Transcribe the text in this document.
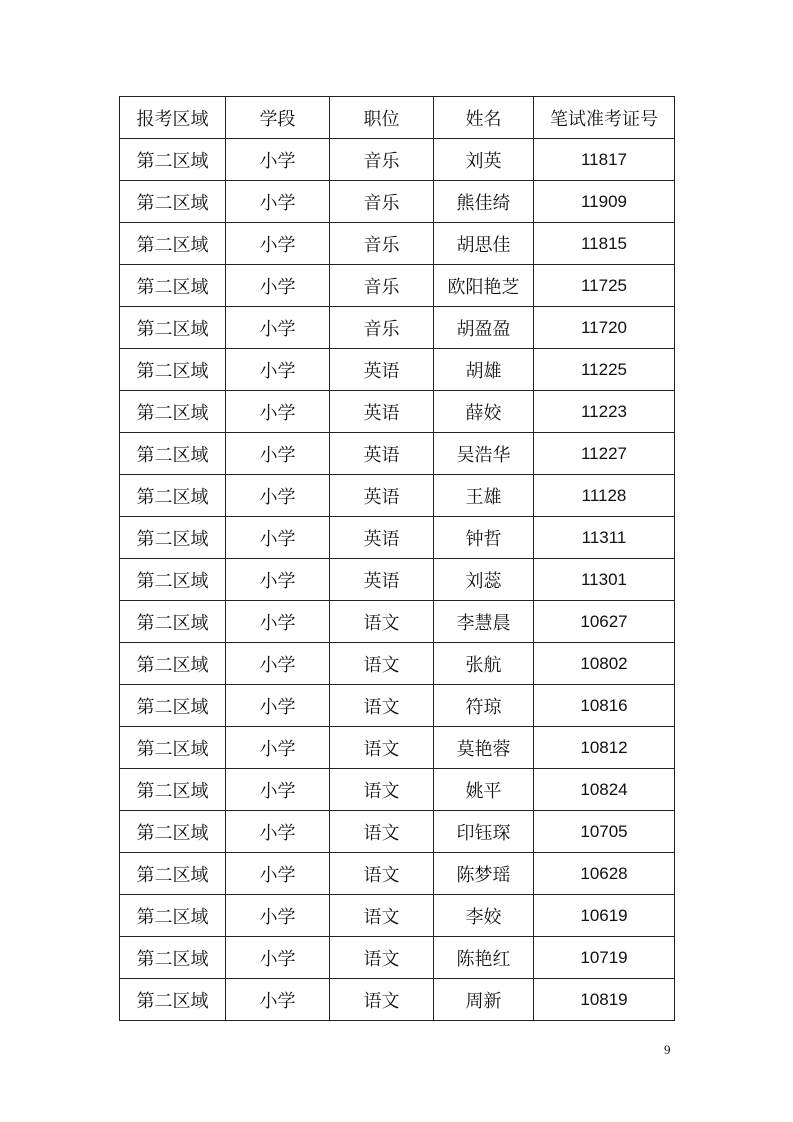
报考区域	学段	职位	姓名	笔试准考证号
第二区域	小学	音乐	刘英	11817
第二区域	小学	音乐	熊佳绮	11909
第二区域	小学	音乐	胡思佳	11815
第二区域	小学	音乐	欧阳艳芝	11725
第二区域	小学	音乐	胡盈盈	11720
第二区域	小学	英语	胡雄	11225
第二区域	小学	英语	薛姣	11223
第二区域	小学	英语	吴浩华	11227
第二区域	小学	英语	王雄	11128
第二区域	小学	英语	钟哲	11311
第二区域	小学	英语	刘蕊	11301
第二区域	小学	语文	李慧晨	10627
第二区域	小学	语文	张航	10802
第二区域	小学	语文	符琼	10816
第二区域	小学	语文	莫艳蓉	10812
第二区域	小学	语文	姚平	10824
第二区域	小学	语文	印钰琛	10705
第二区域	小学	语文	陈梦瑶	10628
第二区域	小学	语文	李姣	10619
第二区域	小学	语文	陈艳红	10719
第二区域	小学	语文	周新	10819
9
